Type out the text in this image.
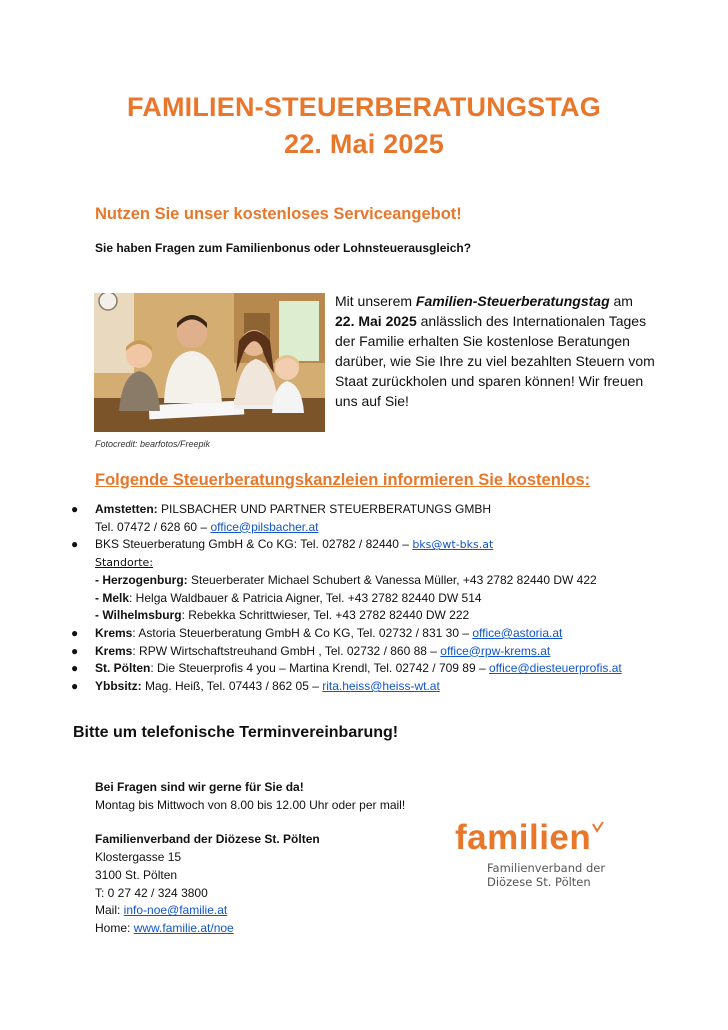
FAMILIEN-STEUERBERATUNGSTAG
22. Mai 2025
Nutzen Sie unser kostenloses Serviceangebot!
Sie haben Fragen zum Familienbonus oder Lohnsteuerausgleich?
Mit unserem Familien-Steuerberatungstag am
22. Mai 2025 anlässlich des Internationalen Tages der Familie erhalten Sie kostenlose Beratungen darüber, wie Sie Ihre zu viel bezahlten Steuern vom Staat zurückholen und sparen können! Wir freuen uns auf Sie!
Fotocredit: bearfotos/Freepik
Folgende Steuerberatungskanzleien informieren Sie kostenlos:
● Amstetten: PILSBACHER UND PARTNER STEUERBERATUNGS GMBH
Tel. 07472 / 628 60 – office@pilsbacher.at
● BKS Steuerberatung GmbH & Co KG: Tel. 02782 / 82440 – bks@wt-bks.at
Standorte:
- Herzogenburg: Steuerberater Michael Schubert & Vanessa Müller, +43 2782 82440 DW 422
- Melk: Helga Waldbauer & Patricia Aigner, Tel. +43 2782 82440 DW 514
- Wilhelmsburg: Rebekka Schrittwieser, Tel. +43 2782 82440 DW 222
● Krems: Astoria Steuerberatung GmbH & Co KG, Tel. 02732 / 831 30 – office@astoria.at
● Krems: RPW Wirtschaftstreuhand GmbH , Tel. 02732 / 860 88 – office@rpw-krems.at
● St. Pölten: Die Steuerprofis 4 you – Martina Krendl, Tel. 02742 / 709 89 – office@diesteuerprofis.at
● Ybbsitz: Mag. Heiß, Tel. 07443 / 862 05 – rita.heiss@heiss-wt.at
Bitte um telefonische Terminvereinbarung!
Bei Fragen sind wir gerne für Sie da!
Montag bis Mittwoch von 8.00 bis 12.00 Uhr oder per mail!
Familienverband der Diözese St. Pölten
Klostergasse 15
3100 St. Pölten
T: 0 27 42 / 324 3800
Mail: info-noe@familie.at
Home: www.familie.at/noe
familien
Familienverband der
Diözese St. Pölten
